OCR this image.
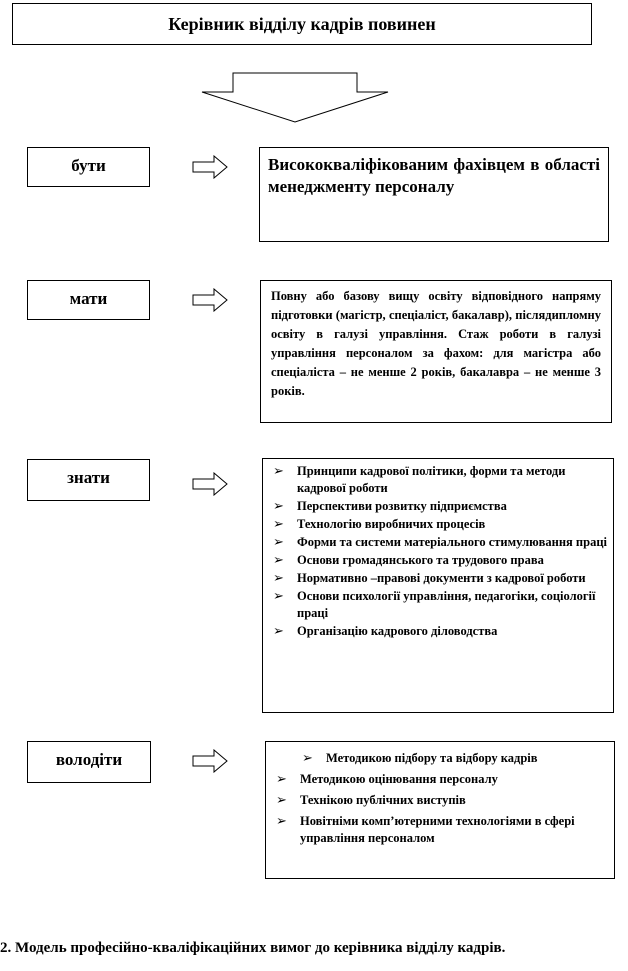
Керівник відділу кадрів повинен
бути	Висококваліфікованим фахівцем в області менеджменту персоналу
мати	Повну або базову вищу освіту відповідного напряму підготовки (магістр, спеціаліст, бакалавр), післядипломну освіту в галузі управління. Стаж роботи в галузі управління персоналом за фахом: для магістра або спеціаліста – не менше 2 років, бакалавра – не менше 3 років.
знати	➢ Принципи кадрової політики, форми та методи кадрової роботи
➢ Перспективи розвитку підприємства
➢ Технологію виробничих процесів
➢ Форми та системи матеріального стимулювання праці
➢ Основи громадянського та трудового права
➢ Нормативно –правові документи з кадрової роботи
➢ Основи психології управління, педагогіки, соціології праці
➢ Організацію кадрового діловодства
володіти	➢ Методикою підбору та відбору кадрів
➢ Методикою оцінювання персоналу
➢ Технікою публічних виступів
➢ Новітніми комп’ютерними технологіями в сфері управління персоналом
2. Модель професійно-кваліфікаційних вимог до керівника відділу кадрів.
